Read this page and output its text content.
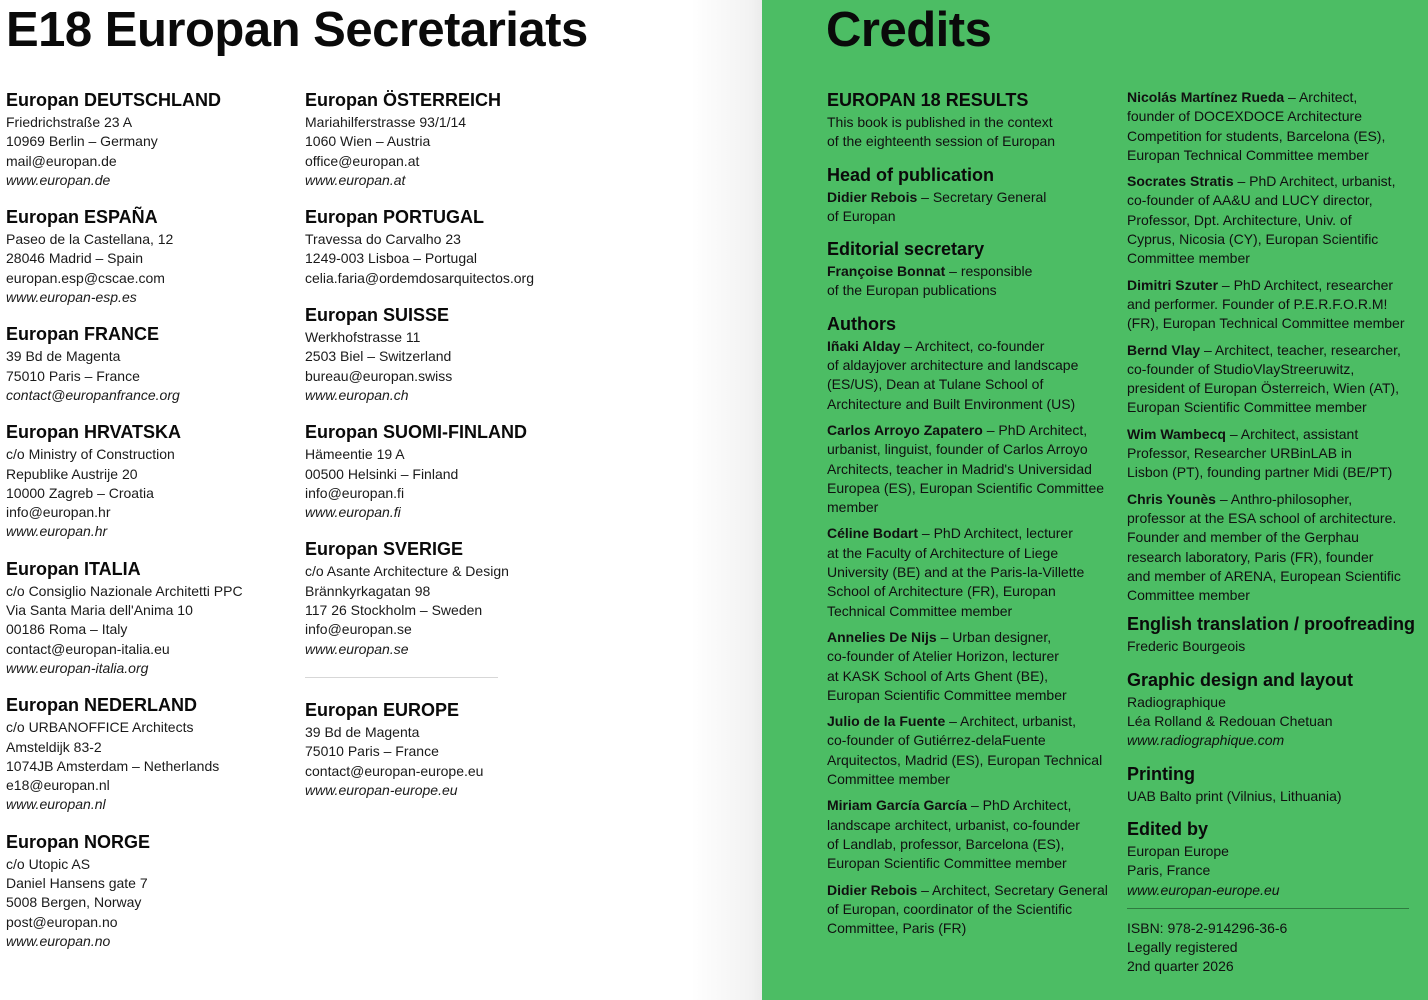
E18 Europan Secretariats	Credits
Europan DEUTSCHLAND
Friedrichstraße 23 A
10969 Berlin – Germany
mail@europan.de
www.europan.de
Europan ESPAÑA
Paseo de la Castellana, 12
28046 Madrid – Spain
europan.esp@cscae.com
www.europan-esp.es
Europan FRANCE
39 Bd de Magenta
75010 Paris – France
contact@europanfrance.org
Europan HRVATSKA
c/o Ministry of Construction
Republike Austrije 20
10000 Zagreb – Croatia
info@europan.hr
www.europan.hr
Europan ITALIA
c/o Consiglio Nazionale Architetti PPC
Via Santa Maria dell'Anima 10
00186 Roma – Italy
contact@europan-italia.eu
www.europan-italia.org
Europan NEDERLAND
c/o URBANOFFICE Architects
Amsteldijk 83-2
1074JB Amsterdam – Netherlands
e18@europan.nl
www.europan.nl
Europan NORGE
c/o Utopic AS
Daniel Hansens gate 7
5008 Bergen, Norway
post@europan.no
www.europan.no
Europan ÖSTERREICH
Mariahilferstrasse 93/1/14
1060 Wien – Austria
office@europan.at
www.europan.at
Europan PORTUGAL
Travessa do Carvalho 23
1249-003 Lisboa – Portugal
celia.faria@ordemdosarquitectos.org
Europan SUISSE
Werkhofstrasse 11
2503 Biel – Switzerland
bureau@europan.swiss
www.europan.ch
Europan SUOMI-FINLAND
Hämeentie 19 A
00500 Helsinki – Finland
info@europan.fi
www.europan.fi
Europan SVERIGE
c/o Asante Architecture & Design
Brännkyrkagatan 98
117 26 Stockholm – Sweden
info@europan.se
www.europan.se
Europan EUROPE
39 Bd de Magenta
75010 Paris – France
contact@europan-europe.eu
www.europan-europe.eu
EUROPAN 18 RESULTS
This book is published in the context
of the eighteenth session of Europan
Head of publication
Didier Rebois – Secretary General
of Europan
Editorial secretary
Françoise Bonnat – responsible
of the Europan publications
Authors
Iñaki Alday – Architect, co-founder
of aldayjover architecture and landscape
(ES/US), Dean at Tulane School of
Architecture and Built Environment (US)
Carlos Arroyo Zapatero – PhD Architect,
urbanist, linguist, founder of Carlos Arroyo
Architects, teacher in Madrid's Universidad
Europea (ES), Europan Scientific Committee
member
Céline Bodart – PhD Architect, lecturer
at the Faculty of Architecture of Liege
University (BE) and at the Paris-la-Villette
School of Architecture (FR), Europan
Technical Committee member
Annelies De Nijs – Urban designer,
co-founder of Atelier Horizon, lecturer
at KASK School of Arts Ghent (BE),
Europan Scientific Committee member
Julio de la Fuente – Architect, urbanist,
co-founder of Gutiérrez-delaFuente
Arquitectos, Madrid (ES), Europan Technical
Committee member
Miriam García García – PhD Architect,
landscape architect, urbanist, co-founder
of Landlab, professor, Barcelona (ES),
Europan Scientific Committee member
Didier Rebois – Architect, Secretary General
of Europan, coordinator of the Scientific
Committee, Paris (FR)
Nicolás Martínez Rueda – Architect,
founder of DOCEXDOCE Architecture
Competition for students, Barcelona (ES),
Europan Technical Committee member
Socrates Stratis – PhD Architect, urbanist,
co-founder of AA&U and LUCY director,
Professor, Dpt. Architecture, Univ. of
Cyprus, Nicosia (CY), Europan Scientific
Committee member
Dimitri Szuter – PhD Architect, researcher
and performer. Founder of P.E.R.F.O.R.M!
(FR), Europan Technical Committee member
Bernd Vlay – Architect, teacher, researcher,
co-founder of StudioVlayStreeruwitz,
president of Europan Österreich, Wien (AT),
Europan Scientific Committee member
Wim Wambecq – Architect, assistant
Professor, Researcher URBinLAB in
Lisbon (PT), founding partner Midi (BE/PT)
Chris Younès – Anthro-philosopher,
professor at the ESA school of architecture.
Founder and member of the Gerphau
research laboratory, Paris (FR), founder
and member of ARENA, European Scientific
Committee member
English translation / proofreading
Frederic Bourgeois
Graphic design and layout
Radiographique
Léa Rolland & Redouan Chetuan
www.radiographique.com
Printing
UAB Balto print (Vilnius, Lithuania)
Edited by
Europan Europe
Paris, France
www.europan-europe.eu
ISBN: 978-2-914296-36-6
Legally registered
2nd quarter 2026
